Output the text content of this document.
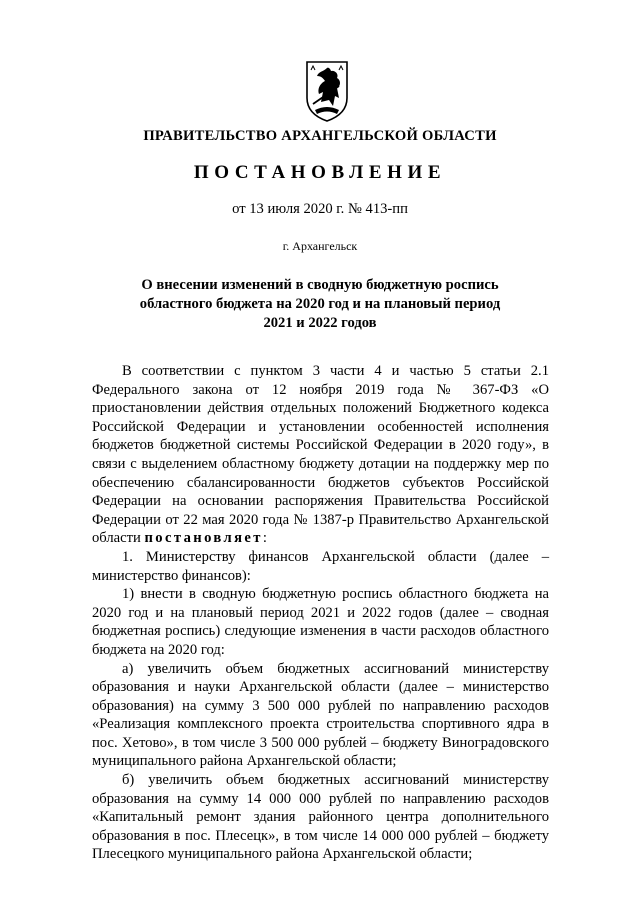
ПРАВИТЕЛЬСТВО АРХАНГЕЛЬСКОЙ ОБЛАСТИ
ПОСТАНОВЛЕНИЕ
от 13 июля 2020 г. № 413-пп
г. Архангельск
О внесении изменений в сводную бюджетную роспись
областного бюджета на 2020 год и на плановый период
2021 и 2022 годов

В соответствии с пунктом 3 части 4 и частью 5 статьи 2.1 Федерального закона от 12 ноября 2019 года № 367-ФЗ «О приостановлении действия отдельных положений Бюджетного кодекса Российской Федерации и установлении особенностей исполнения бюджетов бюджетной системы Российской Федерации в 2020 году», в связи с выделением областному бюджету дотации на поддержку мер по обеспечению сбалансированности бюджетов субъектов Российской Федерации на основании распоряжения Правительства Российской Федерации от 22 мая 2020 года № 1387-р Правительство Архангельской области постановляет:

1. Министерству финансов Архангельской области (далее – министерство финансов):

1) внести в сводную бюджетную роспись областного бюджета на 2020 год и на плановый период 2021 и 2022 годов (далее – сводная бюджетная роспись) следующие изменения в части расходов областного бюджета на 2020 год:

а) увеличить объем бюджетных ассигнований министерству образования и науки Архангельской области (далее – министерство образования) на сумму 3 500 000 рублей по направлению расходов «Реализация комплексного проекта строительства спортивного ядра в пос. Хетово», в том числе 3 500 000 рублей – бюджету Виноградовского муниципального района Архангельской области;

б) увеличить объем бюджетных ассигнований министерству образования на сумму 14 000 000 рублей по направлению расходов «Капитальный ремонт здания районного центра дополнительного образования в пос. Плесецк», в том числе 14 000 000 рублей – бюджету Плесецкого муниципального района Архангельской области;
